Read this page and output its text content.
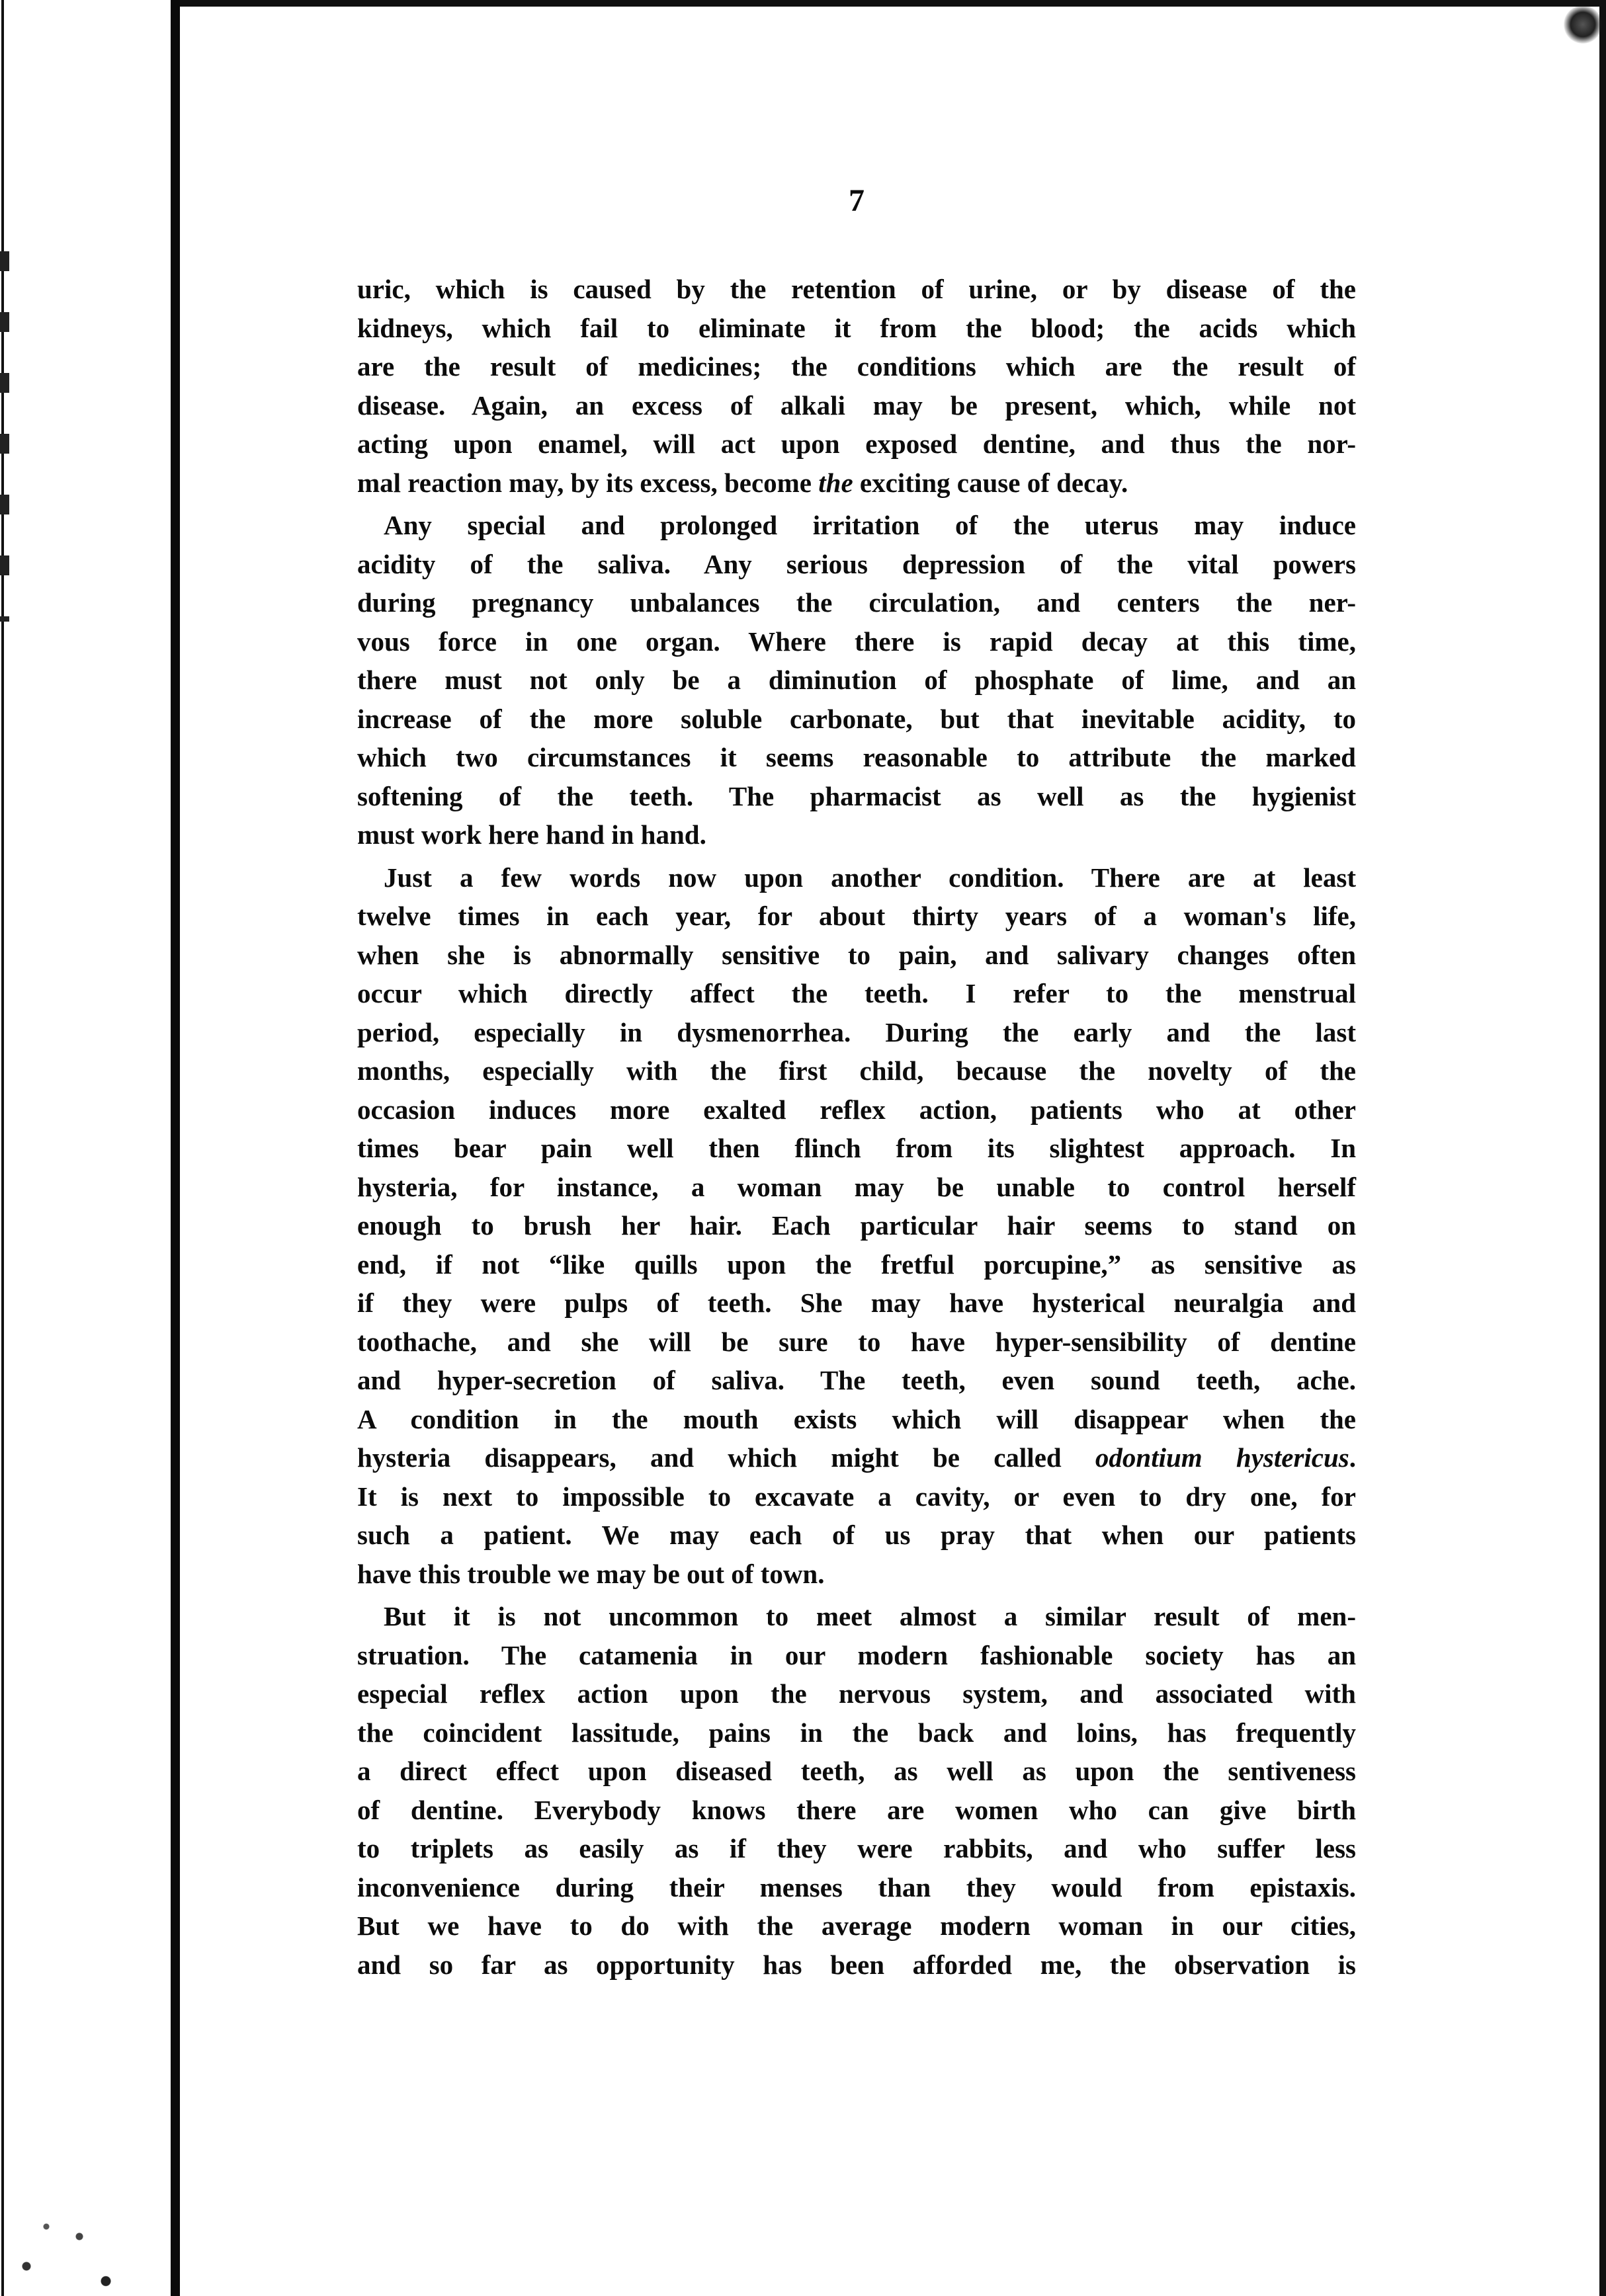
7

uric, which is caused by the retention of urine, or by disease of the

kidneys, which fail to eliminate it from the blood; the acids which

are the result of medicines; the conditions which are the result of

disease. Again, an excess of alkali may be present, which, while not

acting upon enamel, will act upon exposed dentine, and thus the nor-

mal reaction may, by its excess, become the exciting cause of decay.

Any special and prolonged irritation of the uterus may induce

acidity of the saliva. Any serious depression of the vital powers

during pregnancy unbalances the circulation, and centers the ner-

vous force in one organ. Where there is rapid decay at this time,

there must not only be a diminution of phosphate of lime, and an

increase of the more soluble carbonate, but that inevitable acidity, to

which two circumstances it seems reasonable to attribute the marked

softening of the teeth. The pharmacist as well as the hygienist

must work here hand in hand.

Just a few words now upon another condition. There are at least

twelve times in each year, for about thirty years of a woman's life,

when she is abnormally sensitive to pain, and salivary changes often

occur which directly affect the teeth. I refer to the menstrual

period, especially in dysmenorrhea. During the early and the last

months, especially with the first child, because the novelty of the

occasion induces more exalted reflex action, patients who at other

times bear pain well then flinch from its slightest approach. In

hysteria, for instance, a woman may be unable to control herself

enough to brush her hair. Each particular hair seems to stand on

end, if not “like quills upon the fretful porcupine,” as sensitive as

if they were pulps of teeth. She may have hysterical neuralgia and

toothache, and she will be sure to have hyper-sensibility of dentine

and hyper-secretion of saliva. The teeth, even sound teeth, ache.

A condition in the mouth exists which will disappear when the

hysteria disappears, and which might be called odontium hystericus.

It is next to impossible to excavate a cavity, or even to dry one, for

such a patient. We may each of us pray that when our patients

have this trouble we may be out of town.

But it is not uncommon to meet almost a similar result of men-

struation. The catamenia in our modern fashionable society has an

especial reflex action upon the nervous system, and associated with

the coincident lassitude, pains in the back and loins, has frequently

a direct effect upon diseased teeth, as well as upon the sentiveness

of dentine. Everybody knows there are women who can give birth

to triplets as easily as if they were rabbits, and who suffer less

inconvenience during their menses than they would from epistaxis.

But we have to do with the average modern woman in our cities,

and so far as opportunity has been afforded me, the observation is
